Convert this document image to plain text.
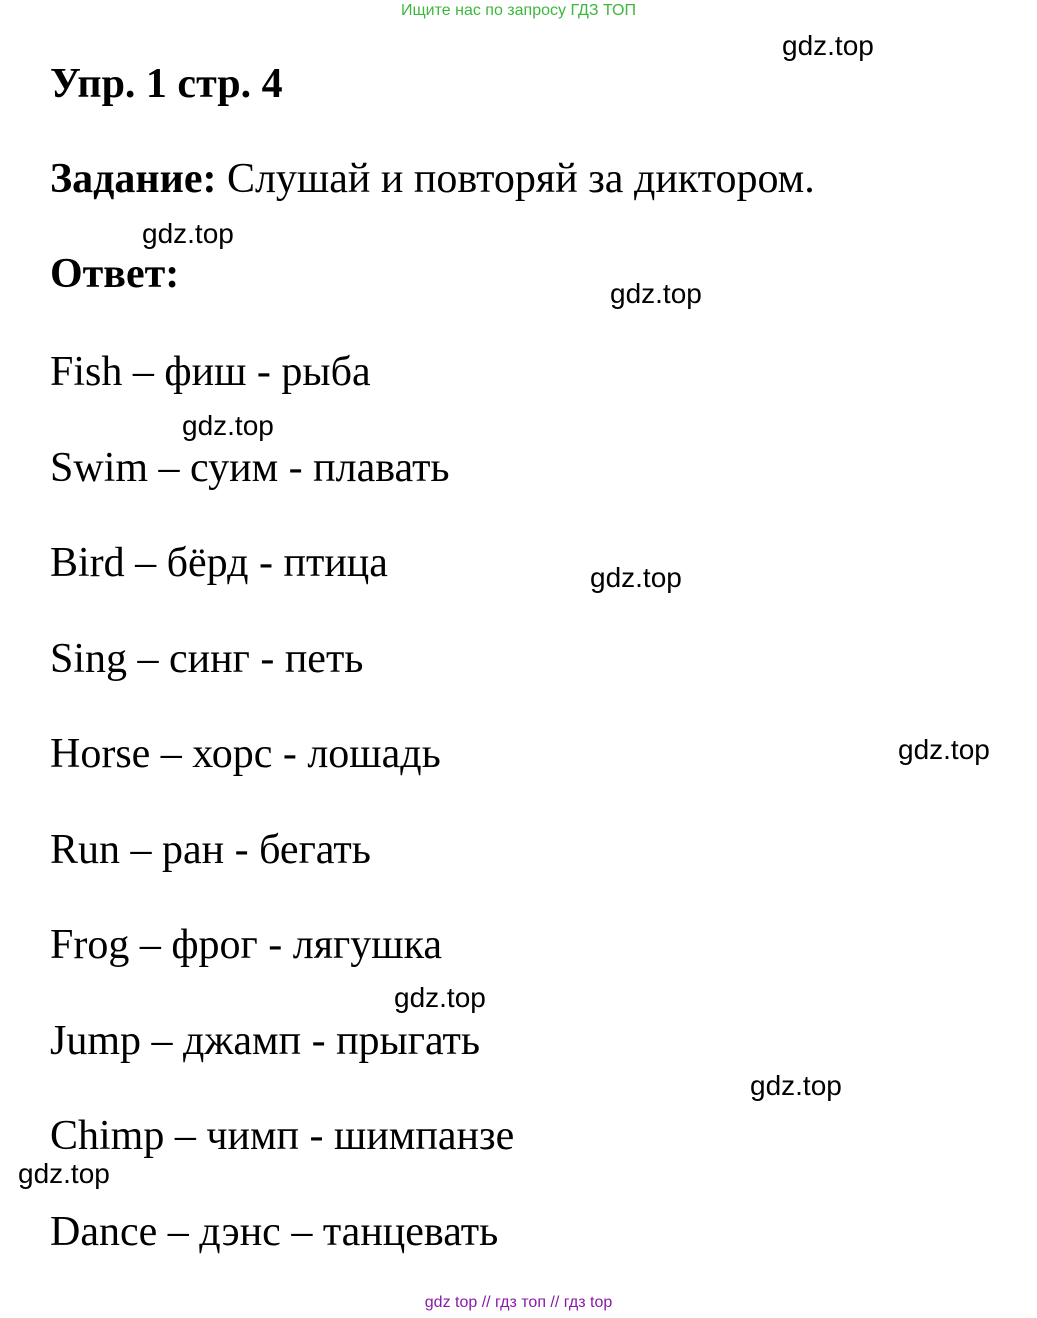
Ищите нас по запросу ГДЗ ТОП
Упр. 1 стр. 4
Задание: Слушай и повторяй за диктором.
Ответ:
Fish – фиш - рыба
Swim – суим - плавать
Bird – бёрд - птица
Sing – синг - петь
Horse – хорс - лошадь
Run – ран - бегать
Frog – фрог - лягушка
Jump – джамп - прыгать
Chimp – чимп - шимпанзе
Dance – дэнс – танцевать
gdz.top
gdz.top
gdz.top
gdz.top
gdz.top
gdz.top
gdz.top
gdz.top
gdz.top
gdz top // гдз топ // гдз top
